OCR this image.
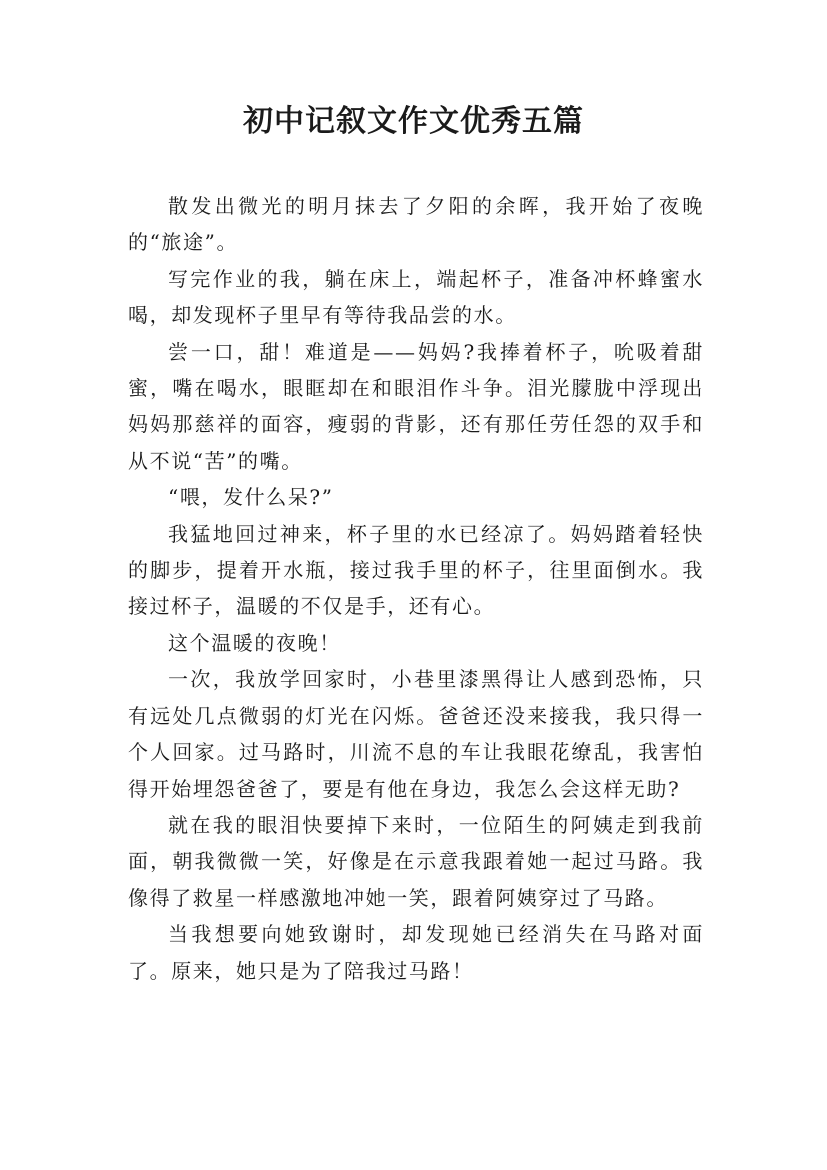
初中记叙文作文优秀五篇

散发出微光的明月抹去了夕阳的余晖，我开始了夜晚的“旅途”。

写完作业的我，躺在床上，端起杯子，准备冲杯蜂蜜水喝，却发现杯子里早有等待我品尝的水。

尝一口，甜！难道是——妈妈?我捧着杯子，吮吸着甜蜜，嘴在喝水，眼眶却在和眼泪作斗争。泪光朦胧中浮现出妈妈那慈祥的面容，瘦弱的背影，还有那任劳任怨的双手和从不说“苦”的嘴。

“喂，发什么呆?”

我猛地回过神来，杯子里的水已经凉了。妈妈踏着轻快的脚步，提着开水瓶，接过我手里的杯子，往里面倒水。我接过杯子，温暖的不仅是手，还有心。

这个温暖的夜晚！

一次，我放学回家时，小巷里漆黑得让人感到恐怖，只有远处几点微弱的灯光在闪烁。爸爸还没来接我，我只得一个人回家。过马路时，川流不息的车让我眼花缭乱，我害怕得开始埋怨爸爸了，要是有他在身边，我怎么会这样无助?

就在我的眼泪快要掉下来时，一位陌生的阿姨走到我前面，朝我微微一笑，好像是在示意我跟着她一起过马路。我像得了救星一样感激地冲她一笑，跟着阿姨穿过了马路。

当我想要向她致谢时，却发现她已经消失在马路对面了。原来，她只是为了陪我过马路！
